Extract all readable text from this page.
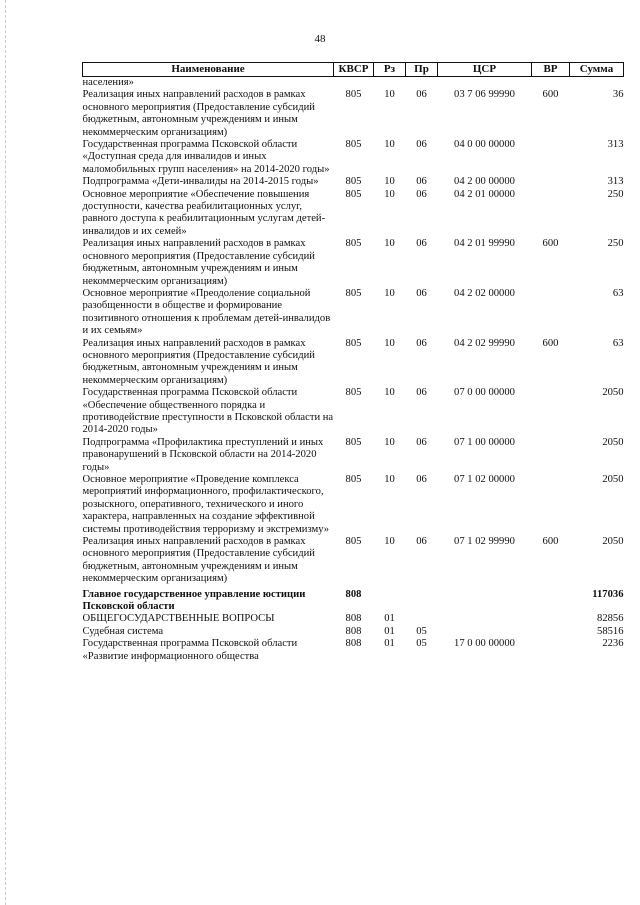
48
Наименование	КВСР	Рз	Пр	ЦСР	ВР	Сумма
населения»						
Реализация иных направлений расходов в рамках основного мероприятия (Предоставление субсидий бюджетным, автономным учреждениям и иным некоммерческим организациям)	805	10	06	03 7 06 99990	600	36
Государственная программа Псковской области «Доступная среда для инвалидов и иных маломобильных групп населения» на 2014-2020 годы»	805	10	06	04 0 00 00000		313
Подпрограмма «Дети-инвалиды на 2014-2015 годы»	805	10	06	04 2 00 00000		313
Основное мероприятие «Обеспечение повышения доступности, качества реабилитационных услуг, равного доступа к реабилитационным услугам детей-инвалидов и их семей»	805	10	06	04 2 01 00000		250
Реализация иных направлений расходов в рамках основного мероприятия (Предоставление субсидий бюджетным, автономным учреждениям и иным некоммерческим организациям)	805	10	06	04 2 01 99990	600	250
Основное мероприятие «Преодоление социальной разобщенности в обществе и формирование позитивного отношения к проблемам детей-инвалидов и их семьям»	805	10	06	04 2 02 00000		63
Реализация иных направлений расходов в рамках основного мероприятия (Предоставление субсидий бюджетным, автономным учреждениям и иным некоммерческим организациям)	805	10	06	04 2 02 99990	600	63
Государственная программа Псковской области «Обеспечение общественного порядка и противодействие преступности в Псковской области на 2014-2020 годы»	805	10	06	07 0 00 00000		2050
Подпрограмма «Профилактика преступлений и иных правонарушений в Псковской области на 2014-2020 годы»	805	10	06	07 1 00 00000		2050
Основное мероприятие «Проведение комплекса мероприятий информационного, профилактического, розыскного, оперативного, технического и иного характера, направленных на создание эффективной системы противодействия терроризму и экстремизму»	805	10	06	07 1 02 00000		2050
Реализация иных направлений расходов в рамках основного мероприятия (Предоставление субсидий бюджетным, автономным учреждениям и иным некоммерческим организациям)	805	10	06	07 1 02 99990	600	2050
Главное государственное управление юстиции Псковской области	808					117036
ОБЩЕГОСУДАРСТВЕННЫЕ ВОПРОСЫ	808	01				82856
Судебная система	808	01	05			58516
Государственная программа Псковской области «Развитие информационного общества	808	01	05	17 0 00 00000		2236
